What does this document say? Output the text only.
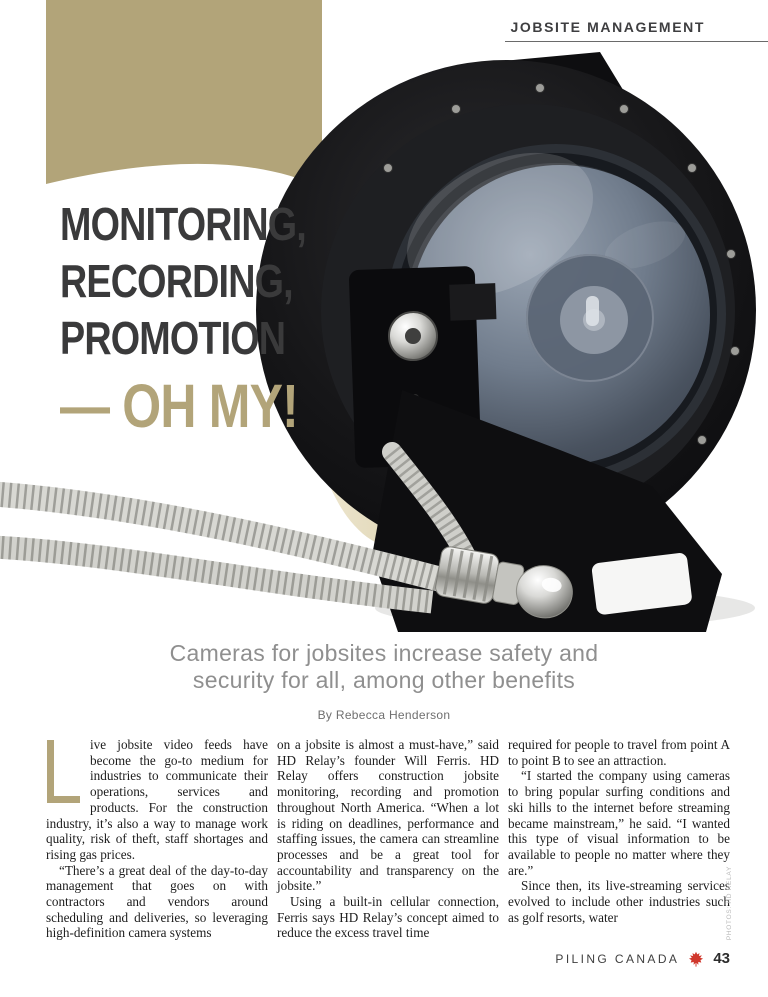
JOBSITE MANAGEMENT
MONITORING,
RECORDING,
PROMOTION
— OH MY!
Cameras for jobsites increase safety and
security for all, among other benefits
By Rebecca Henderson

ive jobsite video feeds have become the go-to medium for industries to communicate their operations, services and products. For the construction industry, it’s also a way to manage work quality, risk of theft, staff shortages and rising gas prices.

“There’s a great deal of the day-to-day management that goes on with contractors and vendors around scheduling and deliveries, so leveraging high-definition camera systems

on a jobsite is almost a must-have,” said HD Relay’s founder Will Ferris. HD Relay offers construction jobsite monitoring, recording and promotion throughout North America. “When a lot is riding on deadlines, performance and staffing issues, the camera can streamline processes and be a great tool for accountability and transparency on the jobsite.”

Using a built-in cellular connection, Ferris says HD Relay’s concept aimed to reduce the excess travel time

required for people to travel from point A to point B to see an attraction.

“I started the company using cameras to bring popular surfing conditions and ski hills to the internet before streaming became mainstream,” he said. “I wanted this type of visual information to be available to people no matter where they are.”

Since then, its live-streaming services evolved to include other industries such as golf resorts, water	PHOTOS: HD RELAY
PILING CANADA 43
